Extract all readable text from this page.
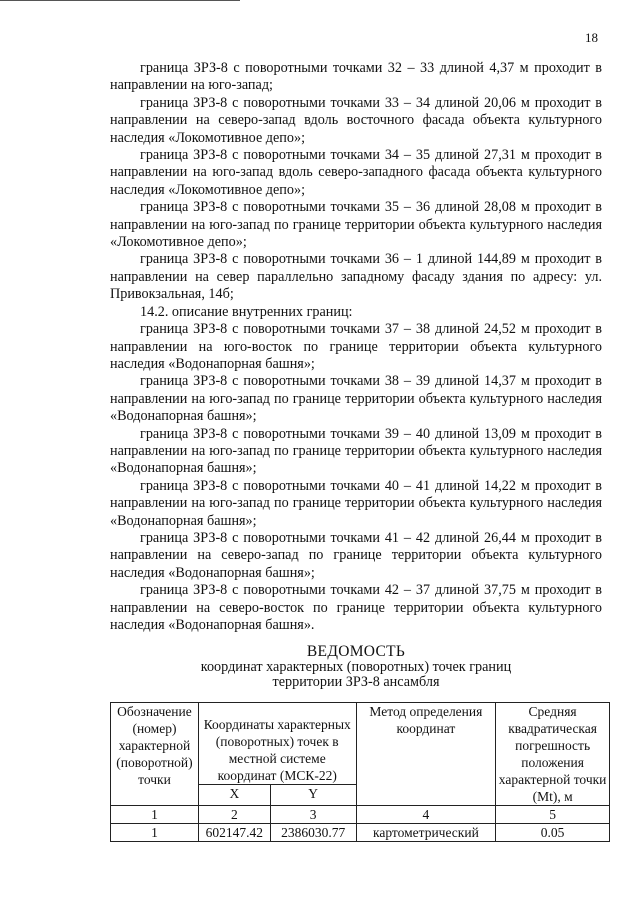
18

граница ЗРЗ-8 с поворотными точками 32 – 33 длиной 4,37 м проходит в направлении на юго-запад;

граница ЗРЗ-8 с поворотными точками 33 – 34 длиной 20,06 м проходит в направлении на северо-запад вдоль восточного фасада объекта культурного наследия «Локомотивное депо»;

граница ЗРЗ-8 с поворотными точками 34 – 35 длиной 27,31 м проходит в направлении на юго-запад вдоль северо-западного фасада объекта культурного наследия «Локомотивное депо»;

граница ЗРЗ-8 с поворотными точками 35 – 36 длиной 28,08 м проходит в направлении на юго-запад по границе территории объекта культурного наследия «Локомотивное депо»;

граница ЗРЗ-8 с поворотными точками 36 – 1 длиной 144,89 м проходит в направлении на север параллельно западному фасаду здания по адресу: ул. Привокзальная, 14б;

14.2. описание внутренних границ:

граница ЗРЗ-8 с поворотными точками 37 – 38 длиной 24,52 м проходит в направлении на юго-восток по границе территории объекта культурного наследия «Водонапорная башня»;

граница ЗРЗ-8 с поворотными точками 38 – 39 длиной 14,37 м проходит в направлении на юго-запад по границе территории объекта культурного наследия «Водонапорная башня»;

граница ЗРЗ-8 с поворотными точками 39 – 40 длиной 13,09 м проходит в направлении на юго-запад по границе территории объекта культурного наследия «Водонапорная башня»;

граница ЗРЗ-8 с поворотными точками 40 – 41 длиной 14,22 м проходит в направлении на юго-запад по границе территории объекта культурного наследия «Водонапорная башня»;

граница ЗРЗ-8 с поворотными точками 41 – 42 длиной 26,44 м проходит в направлении на северо-запад по границе территории объекта культурного наследия «Водонапорная башня»;

граница ЗРЗ-8 с поворотными точками 42 – 37 длиной 37,75 м проходит в направлении на северо-восток по границе территории объекта культурного наследия «Водонапорная башня».

ВЕДОМОСТЬ
координат характерных (поворотных) точек границ
территории ЗРЗ-8 ансамбля
Обозначение (номер) характерной (поворотной) точки	Координаты характерных (поворотных) точек в местной системе координат (МСК-22)		Метод определения координат	Средняя квадратическая погрешность положения характерной точки (Mt), м
	X	Y		
1	2	3	4	5
1	602147.42	2386030.77	картометрический	0.05
